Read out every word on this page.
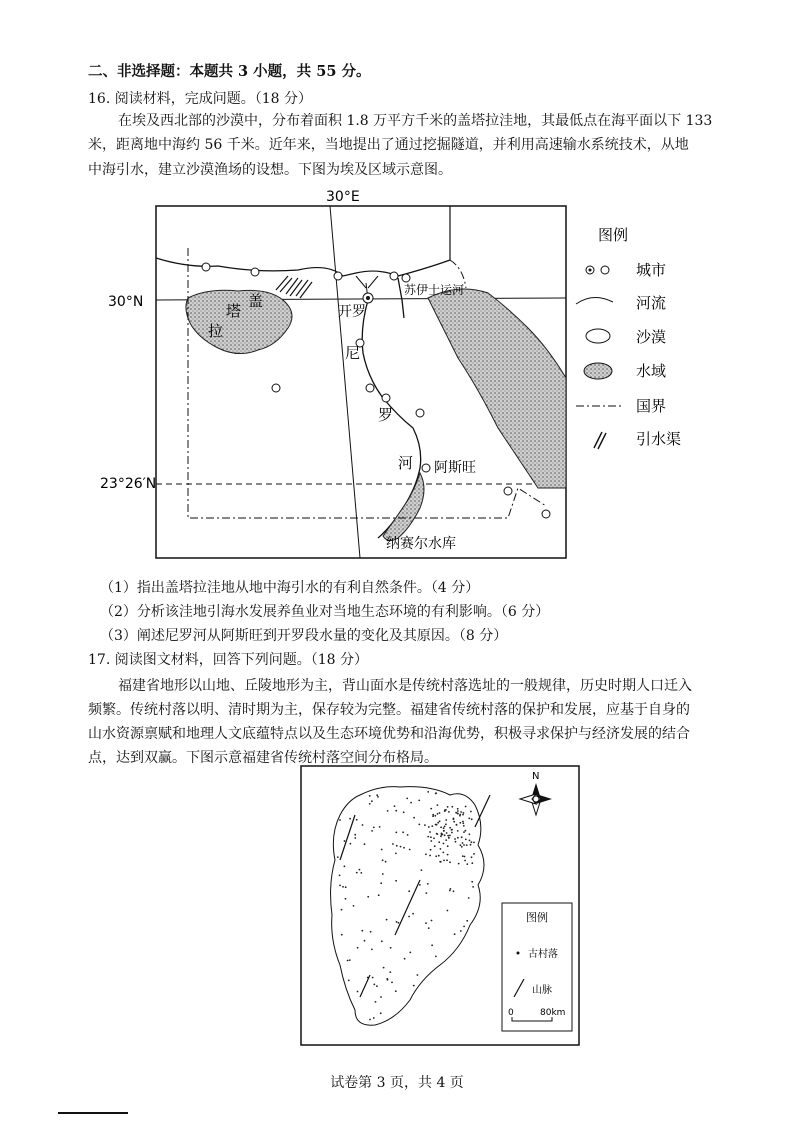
二、非选择题：本题共 3 小题，共 55 分。
16. 阅读材料，完成问题。（18 分）
在埃及西北部的沙漠中，分布着面积 1.8 万平方千米的盖塔拉洼地，其最低点在海平面以下 133
米，距离地中海约 56 千米。近年来，当地提出了通过挖掘隧道，并利用高速输水系统技术，从地
中海引水，建立沙漠渔场的设想。下图为埃及区域示意图。
30°E
30°N
23°26′N
盖
塔
拉
开罗
苏伊士运河
尼
罗
河 阿斯旺
纳赛尔水库
图例
城市
河流
沙漠
水域
国界
引水渠
（1）指出盖塔拉洼地从地中海引水的有利自然条件。（4 分）
（2）分析该洼地引海水发展养鱼业对当地生态环境的有利影响。（6 分）
（3）阐述尼罗河从阿斯旺到开罗段水量的变化及其原因。（8 分）
17. 阅读图文材料，回答下列问题。（18 分）
福建省地形以山地、丘陵地形为主，背山面水是传统村落选址的一般规律，历史时期人口迁入
频繁。传统村落以明、清时期为主，保存较为完整。福建省传统村落的保护和发展，应基于自身的
山水资源禀赋和地理人文底蕴特点以及生态环境优势和沿海优势，积极寻求保护与经济发展的结合
点，达到双赢。下图示意福建省传统村落空间分布格局。
N
图例
古村落
山脉
0	80km
试卷第 3 页，共 4 页
